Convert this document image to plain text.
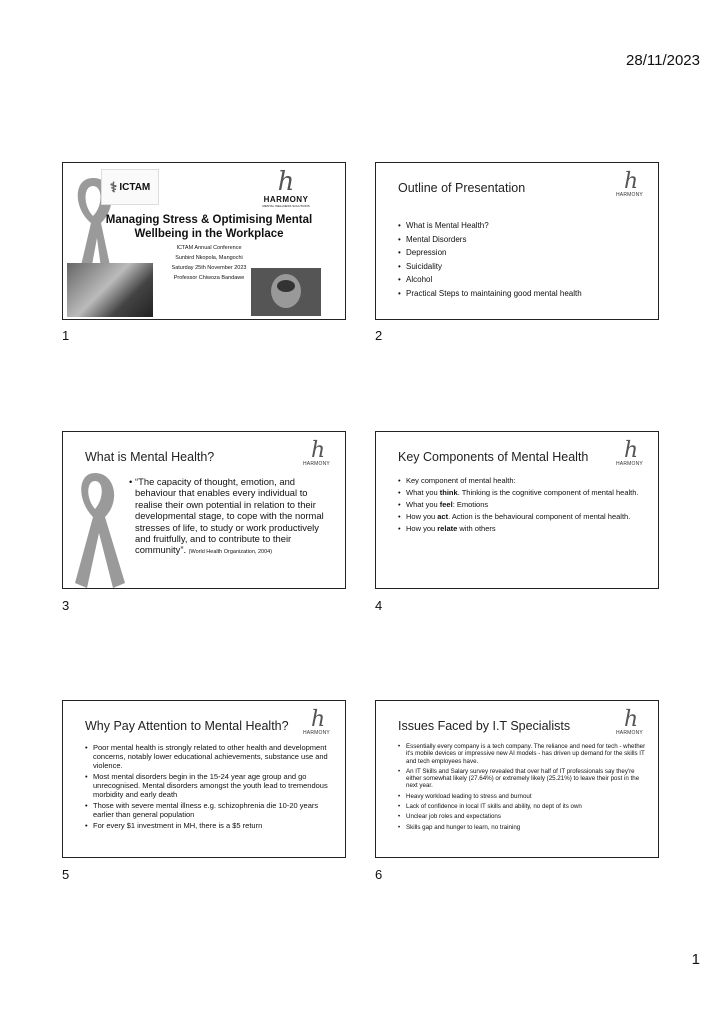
28/11/2023
⚕ ICTAM	h
HARMONY
MENTAL WELLNESS SOLUTIONS
Managing Stress & Optimising Mental
Wellbeing in the Workplace
ICTAM Annual Conference
Sunbird Nkopola, Mangochi
Saturday 25th November 2023
Professor Chiwoza Bandawe
1
Outline of Presentation	h
HARMONY
• What is Mental Health?
• Mental Disorders
• Depression
• Suicidality
• Alcohol
• Practical Steps to maintaining good mental health
2
What is Mental Health?	h
HARMONY
• “The capacity of thought, emotion, and behaviour that enables every individual to realise their own potential in relation to their developmental stage, to cope with the normal stresses of life, to study or work productively and fruitfully, and to contribute to their community”. (World Health Organization, 2004)
3
Key Components of Mental Health h
HARMONY
• Key component of mental health:
• What you think. Thinking is the cognitive component of mental health.
• What you feel: Emotions
• How you act. Action is the behavioural component of mental health.
• How you relate with others
4
Why Pay Attention to Mental Health? h
HARMONY
• Poor mental health is strongly related to other health and development concerns, notably lower educational achievements, substance use and violence.
• Most mental disorders begin in the 15-24 year age group and go unrecognised. Mental disorders amongst the youth lead to tremendous morbidity and early death
• Those with severe mental illness e.g. schizophrenia die 10-20 years earlier than general population
• For every $1 investment in MH, there is a $5 return
5
Issues Faced by I.T Specialists h
HARMONY
• Essentially every company is a tech company. The reliance and need for tech - whether it's mobile devices or impressive new AI models - has driven up demand for the skills IT and tech employees have.
• An IT Skills and Salary survey revealed that over half of IT professionals say they're either somewhat likely (27.64%) or extremely likely (25.21%) to leave their post in the next year.
• Heavy workload leading to stress and burnout
• Lack of confidence in local IT skills and ability, no dept of its own
• Unclear job roles and expectations
• Skills gap and hunger to learn, no training
6
1
